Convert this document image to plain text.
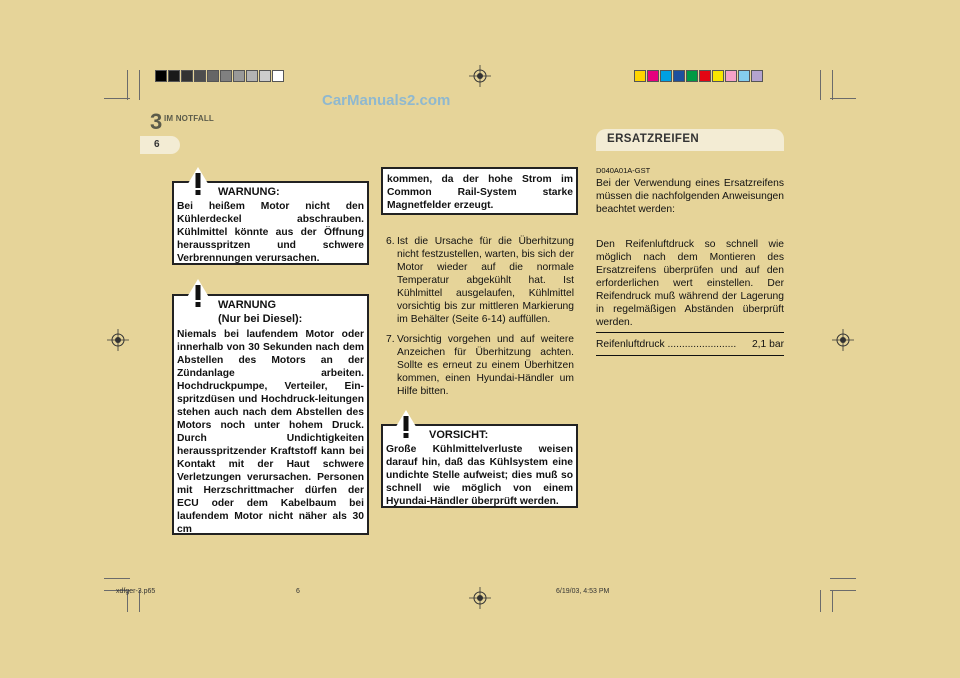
3 IM NOTFALL
CarManuals2.com
6	ERSATZREIFEN
WARNUNG:
Bei heißem Motor nicht den Kühlerdeckel abschrauben. Kühlmittel könnte aus der Öffnung herausspritzen und schwere Verbrennungen verursachen.
WARNUNG
(Nur bei Diesel):
Niemals bei laufendem Motor oder innerhalb von 30 Sekunden nach dem Abstellen des Motors an der Zündanlage arbeiten. Hochdruckpumpe, Verteiler, Ein-spritzdüsen und Hochdruck-leitungen stehen auch nach dem Abstellen des Motors noch unter hohem Druck. Durch Undichtigkeiten herausspritzender Kraftstoff kann bei Kontakt mit der Haut schwere Verletzungen verursachen. Personen mit Herzschrittmacher dürfen der ECU oder dem Kabelbaum bei laufendem Motor nicht näher als 30 cm
kommen, da der hohe Strom im Common Rail-System starke Magnetfelder erzeugt.
6. Ist die Ursache für die Überhitzung nicht festzustellen, warten, bis sich der Motor wieder auf die normale Temperatur abgekühlt hat. Ist Kühlmittel ausgelaufen, Kühlmittel vorsichtig bis zur mittleren Markierung im Behälter (Seite 6-14) auffüllen.
7. Vorsichtig vorgehen und auf weitere Anzeichen für Überhitzung achten. Sollte es erneut zu einem Überhitzen kommen, einen Hyundai-Händler um Hilfe bitten.
VORSICHT:
Große Kühlmittelverluste weisen darauf hin, daß das Kühlsystem eine undichte Stelle aufweist; dies muß so schnell wie möglich von einem Hyundai-Händler überprüft werden.
D040A01A-GST
Bei der Verwendung eines Ersatzreifens müssen die nachfolgenden Anweisungen beachtet werden:
Den Reifenluftdruck so schnell wie möglich nach dem Montieren des Ersatzreifens überprüfen und auf den erforderlichen wert einstellen. Der Reifendruck muß während der Lagerung in regelmäßigen Abständen überprüft werden.
Reifenluftdruck ........................ 2,1 bar
xdfger-3.p65	6	6/19/03, 4:53 PM
